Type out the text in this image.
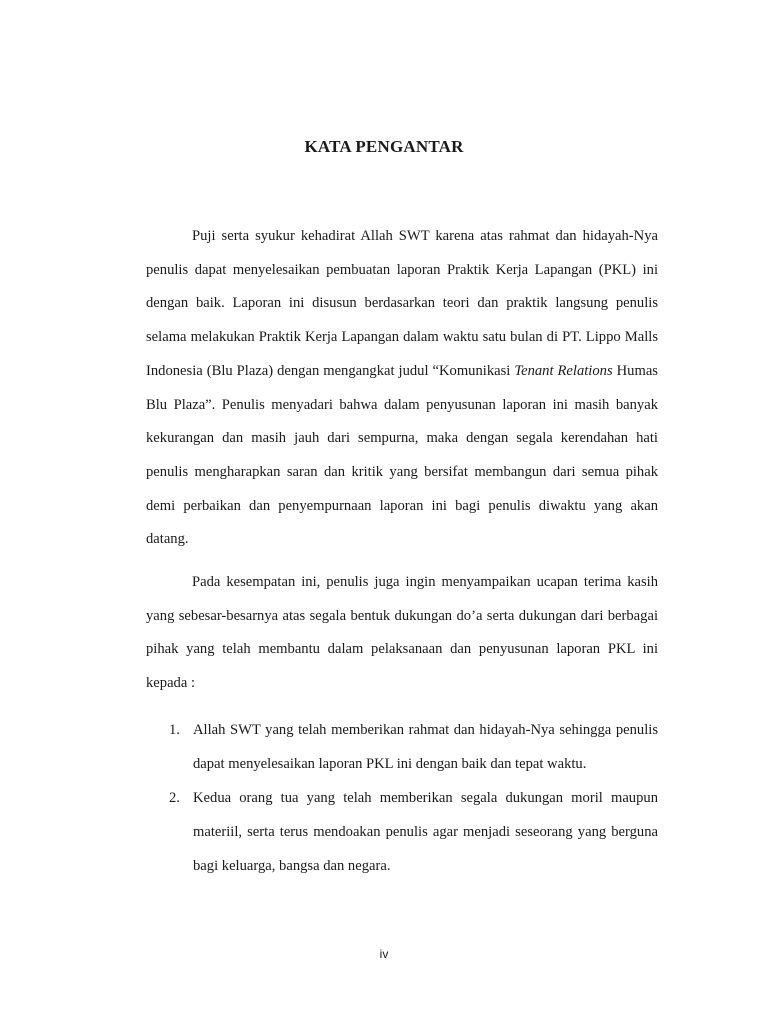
KATA PENGANTAR

Puji serta syukur kehadirat Allah SWT karena atas rahmat dan hidayah-Nya penulis dapat menyelesaikan pembuatan laporan Praktik Kerja Lapangan (PKL) ini dengan baik. Laporan ini disusun berdasarkan teori dan praktik langsung penulis selama melakukan Praktik Kerja Lapangan dalam waktu satu bulan di PT. Lippo Malls Indonesia (Blu Plaza) dengan mengangkat judul “Komunikasi Tenant Relations Humas Blu Plaza”. Penulis menyadari bahwa dalam penyusunan laporan ini masih banyak kekurangan dan masih jauh dari sempurna, maka dengan segala kerendahan hati penulis mengharapkan saran dan kritik yang bersifat membangun dari semua pihak demi perbaikan dan penyempurnaan laporan ini bagi penulis diwaktu yang akan datang.

Pada kesempatan ini, penulis juga ingin menyampaikan ucapan terima kasih yang sebesar-besarnya atas segala bentuk dukungan do’a serta dukungan dari berbagai pihak yang telah membantu dalam pelaksanaan dan penyusunan laporan PKL ini kepada :

1. Allah SWT yang telah memberikan rahmat dan hidayah-Nya sehingga penulis dapat menyelesaikan laporan PKL ini dengan baik dan tepat waktu.
2. Kedua orang tua yang telah memberikan segala dukungan moril maupun materiil, serta terus mendoakan penulis agar menjadi seseorang yang berguna bagi keluarga, bangsa dan negara.
iv
